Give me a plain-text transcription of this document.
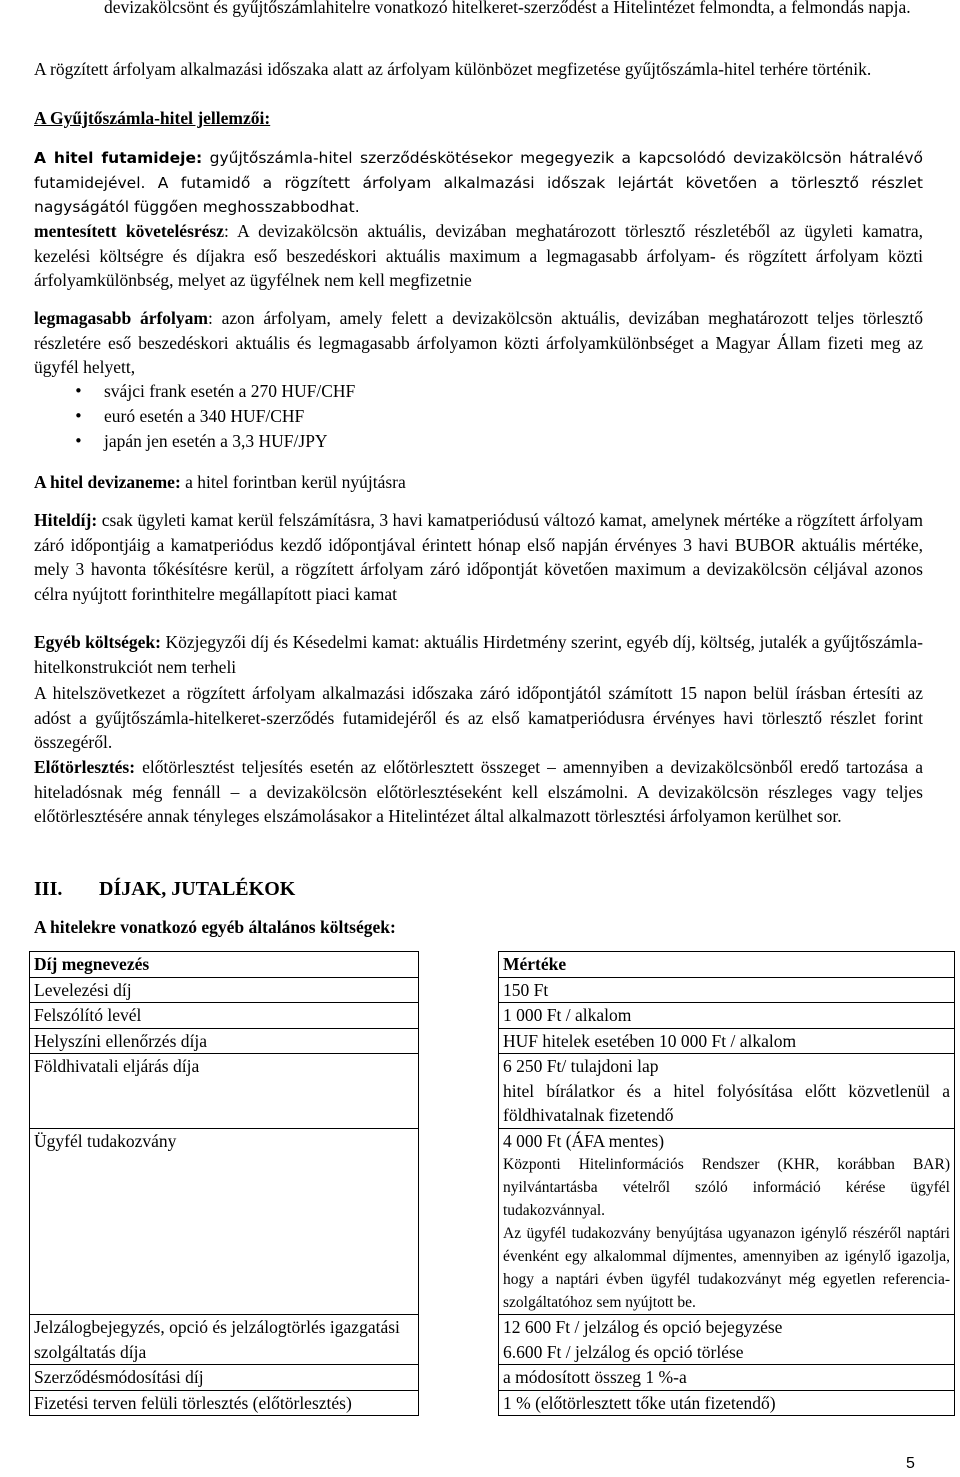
devizakölcsönt és gyűjtőszámlahitelre vonatkozó hitelkeret-szerződést a Hitelintézet felmondta, a felmondás napja.

A rögzített árfolyam alkalmazási időszaka alatt az árfolyam különbözet megfizetése gyűjtőszámla-hitel terhére történik.

A Gyűjtőszámla-hitel jellemzői:

A hitel futamideje: gyűjtőszámla-hitel szerződéskötésekor megegyezik a kapcsolódó devizakölcsön hátralévő futamidejével. A futamidő a rögzített árfolyam alkalmazási időszak lejártát követően a törlesztő részlet nagyságától függően meghosszabbodhat.

mentesített követelésrész: A devizakölcsön aktuális, devizában meghatározott törlesztő részletéből az ügyleti kamatra, kezelési költségre és díjakra eső beszedéskori aktuális maximum a legmagasabb árfolyam- és rögzített árfolyam közti árfolyamkülönbség, melyet az ügyfélnek nem kell megfizetnie

legmagasabb árfolyam: azon árfolyam, amely felett a devizakölcsön aktuális, devizában meghatározott teljes törlesztő részletére eső beszedéskori aktuális és legmagasabb árfolyamon közti árfolyamkülönbséget a Magyar Állam fizeti meg az ügyfél helyett,

• svájci frank esetén a 270 HUF/CHF
• euró esetén a 340 HUF/CHF
• japán jen esetén a 3,3 HUF/JPY

A hitel devizaneme: a hitel forintban kerül nyújtásra

Hiteldíj: csak ügyleti kamat kerül felszámításra, 3 havi kamatperiódusú változó kamat, amelynek mértéke a rögzített árfolyam záró időpontjáig a kamatperiódus kezdő időpontjával érintett hónap első napján érvényes 3 havi BUBOR aktuális mértéke, mely 3 havonta tőkésítésre kerül, a rögzített árfolyam záró időpontját követően maximum a devizakölcsön céljával azonos célra nyújtott forinthitelre megállapított piaci kamat

Egyéb költségek: Közjegyzői díj és Késedelmi kamat: aktuális Hirdetmény szerint, egyéb díj, költség, jutalék a gyűjtőszámla-hitelkonstrukciót nem terheli

A hitelszövetkezet a rögzített árfolyam alkalmazási időszaka záró időpontjától számított 15 napon belül írásban értesíti az adóst a gyűjtőszámla-hitelkeret-szerződés futamidejéről és az első kamatperiódusra érvényes havi törlesztő részlet forint összegéről.

Előtörlesztés: előtörlesztést teljesítés esetén az előtörlesztett összeget – amennyiben a devizakölcsönből eredő tartozása a hiteladósnak még fennáll – a devizakölcsön előtörlesztéseként kell elszámolni. A devizakölcsön részleges vagy teljes előtörlesztésére annak tényleges elszámolásakor a Hitelintézet által alkalmazott törlesztési árfolyamon kerülhet sor.

III. DÍJAK, JUTALÉKOK
A hitelekre vonatkozó egyéb általános költségek:
Díj megnevezés		Mértéke
Levelezési díj		150 Ft
Felszólító levél		1 000 Ft / alkalom
Helyszíni ellenőrzés díja		HUF hitelek esetében 10 000 Ft / alkalom
Földhivatali eljárás díja		6 250 Ft/ tulajdoni lap
hitel bírálatkor és a hitel folyósítása előtt közvetlenül a földhivatalnak fizetendő

Ügyfél tudakozvány		4 000 Ft (ÁFA mentes)
Központi Hitelinformációs Rendszer (KHR, korábban BAR) nyilvántartásba vételről szóló információ kérése ügyfél tudakozvánnyal.
Az ügyfél tudakozvány benyújtása ugyanazon igénylő részéről naptári évenként egy alkalommal díjmentes, amennyiben az igénylő igazolja, hogy a naptári évben ügyfél tudakozványt még egyetlen referencia-szolgáltatóhoz sem nyújtott be.

Jelzálogbejegyzés, opció és jelzálogtörlés igazgatási szolgáltatás díja		12 600 Ft / jelzálog és opció bejegyzése
6.600 Ft / jelzálog és opció törlése

Szerződésmódosítási díj		a módosított összeg 1 %-a
Fizetési terven felüli törlesztés (előtörlesztés)		1 % (előtörlesztett tőke után fizetendő)
5
